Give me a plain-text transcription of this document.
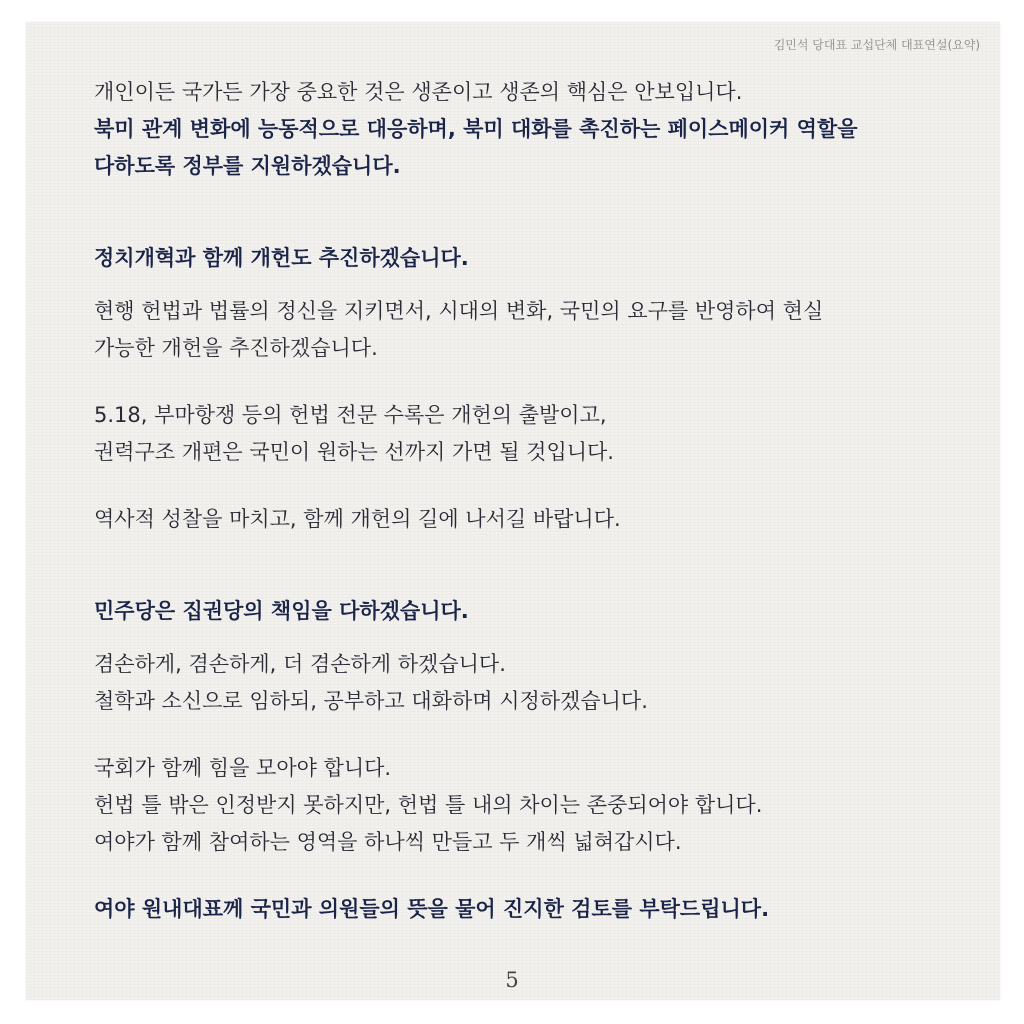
김민석 당대표 교섭단체 대표연설(요약)
개인이든 국가든 가장 중요한 것은 생존이고 생존의 핵심은 안보입니다.
북미 관계 변화에 능동적으로 대응하며, 북미 대화를 촉진하는 페이스메이커 역할을
다하도록 정부를 지원하겠습니다.
정치개혁과 함께 개헌도 추진하겠습니다.
현행 헌법과 법률의 정신을 지키면서, 시대의 변화, 국민의 요구를 반영하여 현실
가능한 개헌을 추진하겠습니다.
5.18, 부마항쟁 등의 헌법 전문 수록은 개헌의 출발이고,
권력구조 개편은 국민이 원하는 선까지 가면 될 것입니다.
역사적 성찰을 마치고, 함께 개헌의 길에 나서길 바랍니다.
민주당은 집권당의 책임을 다하겠습니다.
겸손하게, 겸손하게, 더 겸손하게 하겠습니다.
철학과 소신으로 임하되, 공부하고 대화하며 시정하겠습니다.
국회가 함께 힘을 모아야 합니다.
헌법 틀 밖은 인정받지 못하지만, 헌법 틀 내의 차이는 존중되어야 합니다.
여야가 함께 참여하는 영역을 하나씩 만들고 두 개씩 넓혀갑시다.
여야 원내대표께 국민과 의원들의 뜻을 물어 진지한 검토를 부탁드립니다.
5
